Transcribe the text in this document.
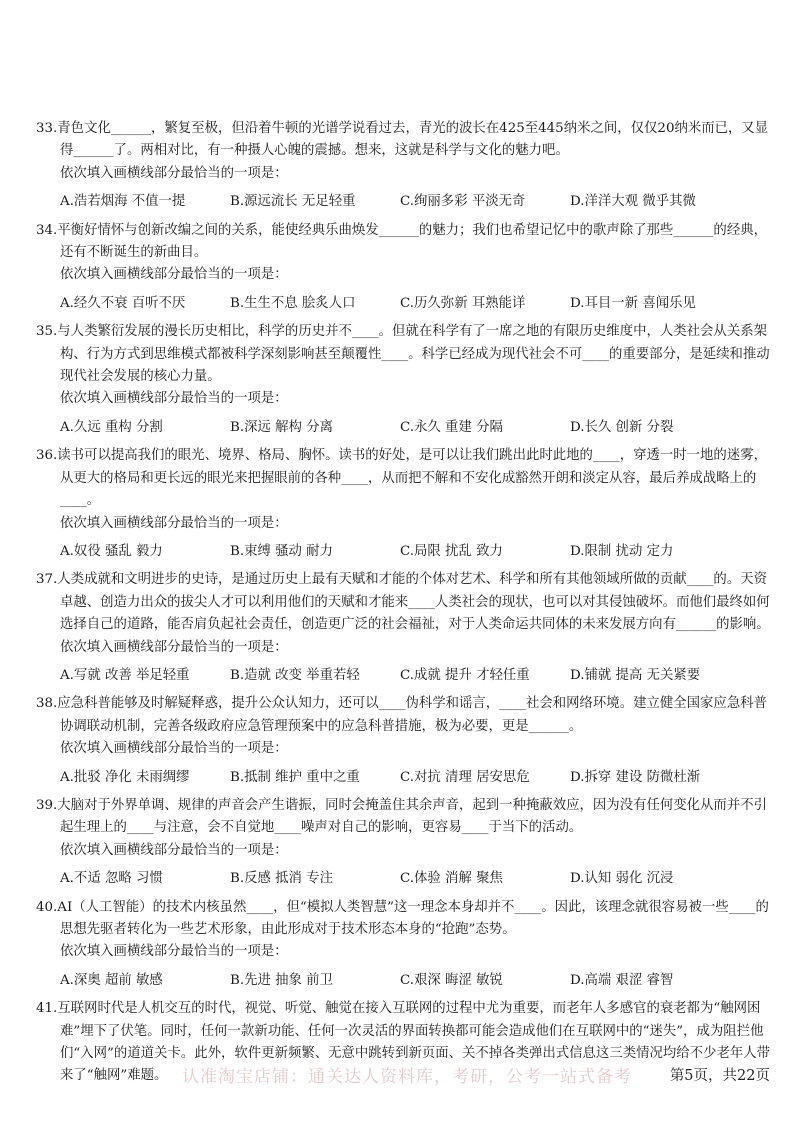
33.青色文化______，繁复至极，但沿着牛顿的光谱学说看过去，青光的波长在425至445纳米之间，仅仅20纳米而已，又显得______了。两相对比，有一种摄人心魄的震撼。想来，这就是科学与文化的魅力吧。

依次填入画横线部分最恰当的一项是：

A.浩若烟海 不值一提	B.源远流长 无足轻重	C.绚丽多彩 平淡无奇	D.洋洋大观 微乎其微

34.平衡好情怀与创新改编之间的关系，能使经典乐曲焕发______的魅力；我们也希望记忆中的歌声除了那些______的经典，还有不断诞生的新曲目。

依次填入画横线部分最恰当的一项是：

A.经久不衰 百听不厌	B.生生不息 脍炙人口	C.历久弥新 耳熟能详	D.耳目一新 喜闻乐见

35.与人类繁衍发展的漫长历史相比，科学的历史并不____。但就在科学有了一席之地的有限历史维度中，人类社会从关系架构、行为方式到思维模式都被科学深刻影响甚至颠覆性____。科学已经成为现代社会不可____的重要部分，是延续和推动现代社会发展的核心力量。

依次填入画横线部分最恰当的一项是：

A.久远 重构 分割	B.深远 解构 分离	C.永久 重建 分隔	D.长久 创新 分裂

36.读书可以提高我们的眼光、境界、格局、胸怀。读书的好处，是可以让我们跳出此时此地的____，穿透一时一地的迷雾，从更大的格局和更长远的眼光来把握眼前的各种____，从而把不解和不安化成豁然开朗和淡定从容，最后养成战略上的____。

依次填入画横线部分最恰当的一项是：

A.奴役 骚乱 毅力	B.束缚 骚动 耐力	C.局限 扰乱 致力	D.限制 扰动 定力

37.人类成就和文明进步的史诗，是通过历史上最有天赋和才能的个体对艺术、科学和所有其他领域所做的贡献____的。天资卓越、创造力出众的拔尖人才可以利用他们的天赋和才能来____人类社会的现状，也可以对其侵蚀破坏。而他们最终如何选择自己的道路，能否肩负起社会责任，创造更广泛的社会福祉，对于人类命运共同体的未来发展方向有______的影响。

依次填入画横线部分最恰当的一项是：

A.写就 改善 举足轻重	B.造就 改变 举重若轻	C.成就 提升 才轻任重	D.铺就 提高 无关紧要

38.应急科普能够及时解疑释惑，提升公众认知力，还可以____伪科学和谣言，____社会和网络环境。建立健全国家应急科普协调联动机制，完善各级政府应急管理预案中的应急科普措施，极为必要，更是______。

依次填入画横线部分最恰当的一项是：

A.批驳 净化 未雨绸缪	B.抵制 维护 重中之重	C.对抗 清理 居安思危	D.拆穿 建设 防微杜渐

39.大脑对于外界单调、规律的声音会产生谐振，同时会掩盖住其余声音，起到一种掩蔽效应，因为没有任何变化从而并不引起生理上的____与注意，会不自觉地____噪声对自己的影响，更容易____于当下的活动。

依次填入画横线部分最恰当的一项是：

A.不适 忽略 习惯	B.反感 抵消 专注	C.体验 消解 聚焦	D.认知 弱化 沉浸

40.AI（人工智能）的技术内核虽然____，但“模拟人类智慧”这一理念本身却并不____。因此，该理念就很容易被一些____的思想先驱者转化为一些艺术形象，由此形成对于技术形态本身的“抢跑”态势。

依次填入画横线部分最恰当的一项是：

A.深奥 超前 敏感	B.先进 抽象 前卫	C.艰深 晦涩 敏锐	D.高端 艰涩 睿智

41.互联网时代是人机交互的时代，视觉、听觉、触觉在接入互联网的过程中尤为重要，而老年人多感官的衰老都为“触网困难”埋下了伏笔。同时，任何一款新功能、任何一次灵活的界面转换都可能会造成他们在互联网中的“迷失”，成为阻拦他们“入网”的道道关卡。此外，软件更新频繁、无意中跳转到新页面、关不掉各类弹出式信息这三类情况均给不少老年人带来了“触网”难题。 认准淘宝店铺：通关达人资料库，考研，公考一站式备考	第5页，共22页
